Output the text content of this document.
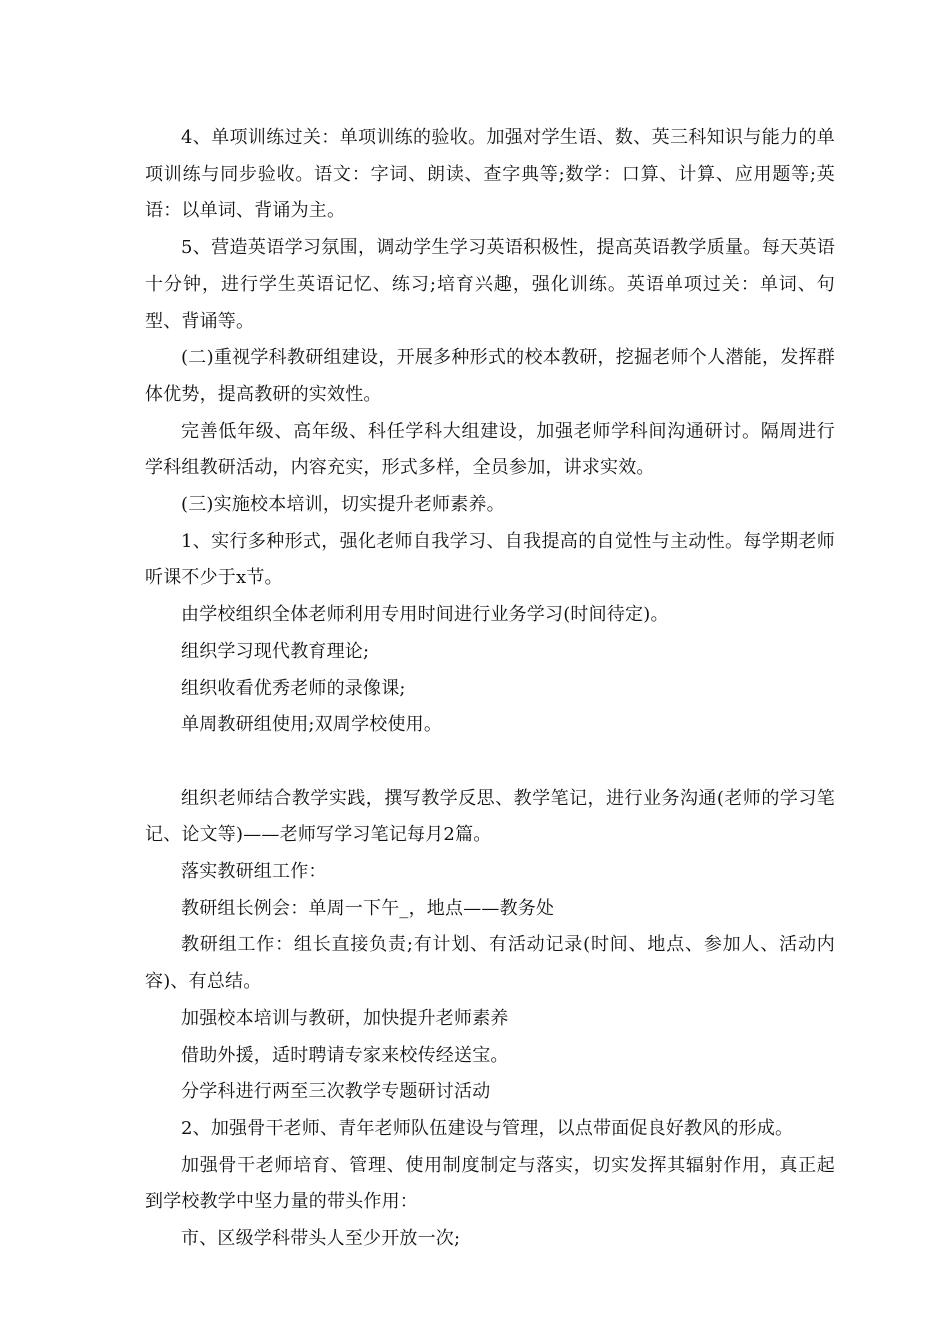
4、单项训练过关：单项训练的验收。加强对学生语、数、英三科知识与能力的单项训练与同步验收。语文：字词、朗读、查字典等;数学：口算、计算、应用题等;英语：以单词、背诵为主。

5、营造英语学习氛围，调动学生学习英语积极性，提高英语教学质量。每天英语十分钟，进行学生英语记忆、练习;培育兴趣，强化训练。英语单项过关：单词、句型、背诵等。

(二)重视学科教研组建设，开展多种形式的校本教研，挖掘老师个人潜能，发挥群体优势，提高教研的实效性。

完善低年级、高年级、科任学科大组建设，加强老师学科间沟通研讨。隔周进行学科组教研活动，内容充实，形式多样，全员参加，讲求实效。

(三)实施校本培训，切实提升老师素养。

1、实行多种形式，强化老师自我学习、自我提高的自觉性与主动性。每学期老师听课不少于x节。

由学校组织全体老师利用专用时间进行业务学习(时间待定)。

组织学习现代教育理论;

组织收看优秀老师的录像课;

单周教研组使用;双周学校使用。

组织老师结合教学实践，撰写教学反思、教学笔记，进行业务沟通(老师的学习笔记、论文等)——老师写学习笔记每月2篇。

落实教研组工作：

教研组长例会：单周一下午_，地点——教务处

教研组工作：组长直接负责;有计划、有活动记录(时间、地点、参加人、活动内容)、有总结。

加强校本培训与教研，加快提升老师素养

借助外援，适时聘请专家来校传经送宝。

分学科进行两至三次教学专题研讨活动

2、加强骨干老师、青年老师队伍建设与管理，以点带面促良好教风的形成。

加强骨干老师培育、管理、使用制度制定与落实，切实发挥其辐射作用，真正起到学校教学中坚力量的带头作用：

市、区级学科带头人至少开放一次;
